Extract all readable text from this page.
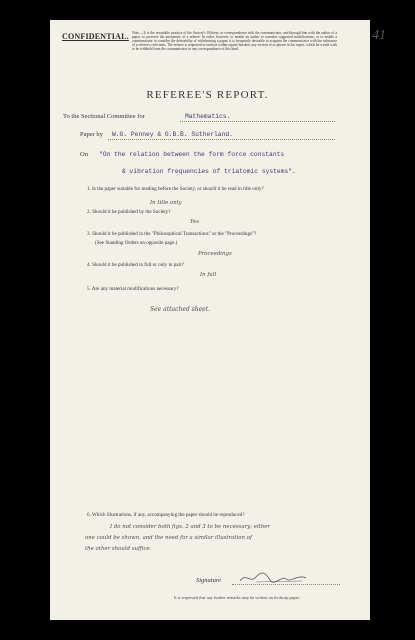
41
CONFIDENTIAL. Note.—It is the invariable practice of the Society's Officers, in correspondence with the communicator, and through him with the author of a paper, to preserve the anonymity of a referee. In order, however, to enable an author to consider suggested modifications, or to enable a communicator to consider the desirability of withdrawing a paper, it is frequently desirable to acquaint the communicator with the substance of a referee's criticisms. The referee is requested to enclose within square brackets any section of or phrase in his report, which he would wish to be withheld from the communicator in any correspondence of this kind.
REFEREE'S REPORT.
To the Sectional Committee for	Mathematics.
Paper by W.G. Penney & G.B.B. Sutherland.
On "On the relation between the form force constants
& vibration frequencies of triatomic systems".
1. Is the paper suitable for reading before the Society, or should it be read in title only?
In title only
2. Should it be published by the Society?
Yes
3. Should it be published in the "Philosophical Transactions" or the "Proceedings"?
(See Standing Orders on opposite page.)
Proceedings
4. Should it be published in full or only in part?
In full
5. Are any material modifications necessary?
See attached sheet.
6. Which illustrations, if any, accompanying the paper should be reproduced?
I do not consider both figs. 2 and 3 to be necessary; either
one could be shown, and the need for a similar illustration of
the other should suffice.
Signature
It is requested that any further remarks may be written on foolscap paper.
